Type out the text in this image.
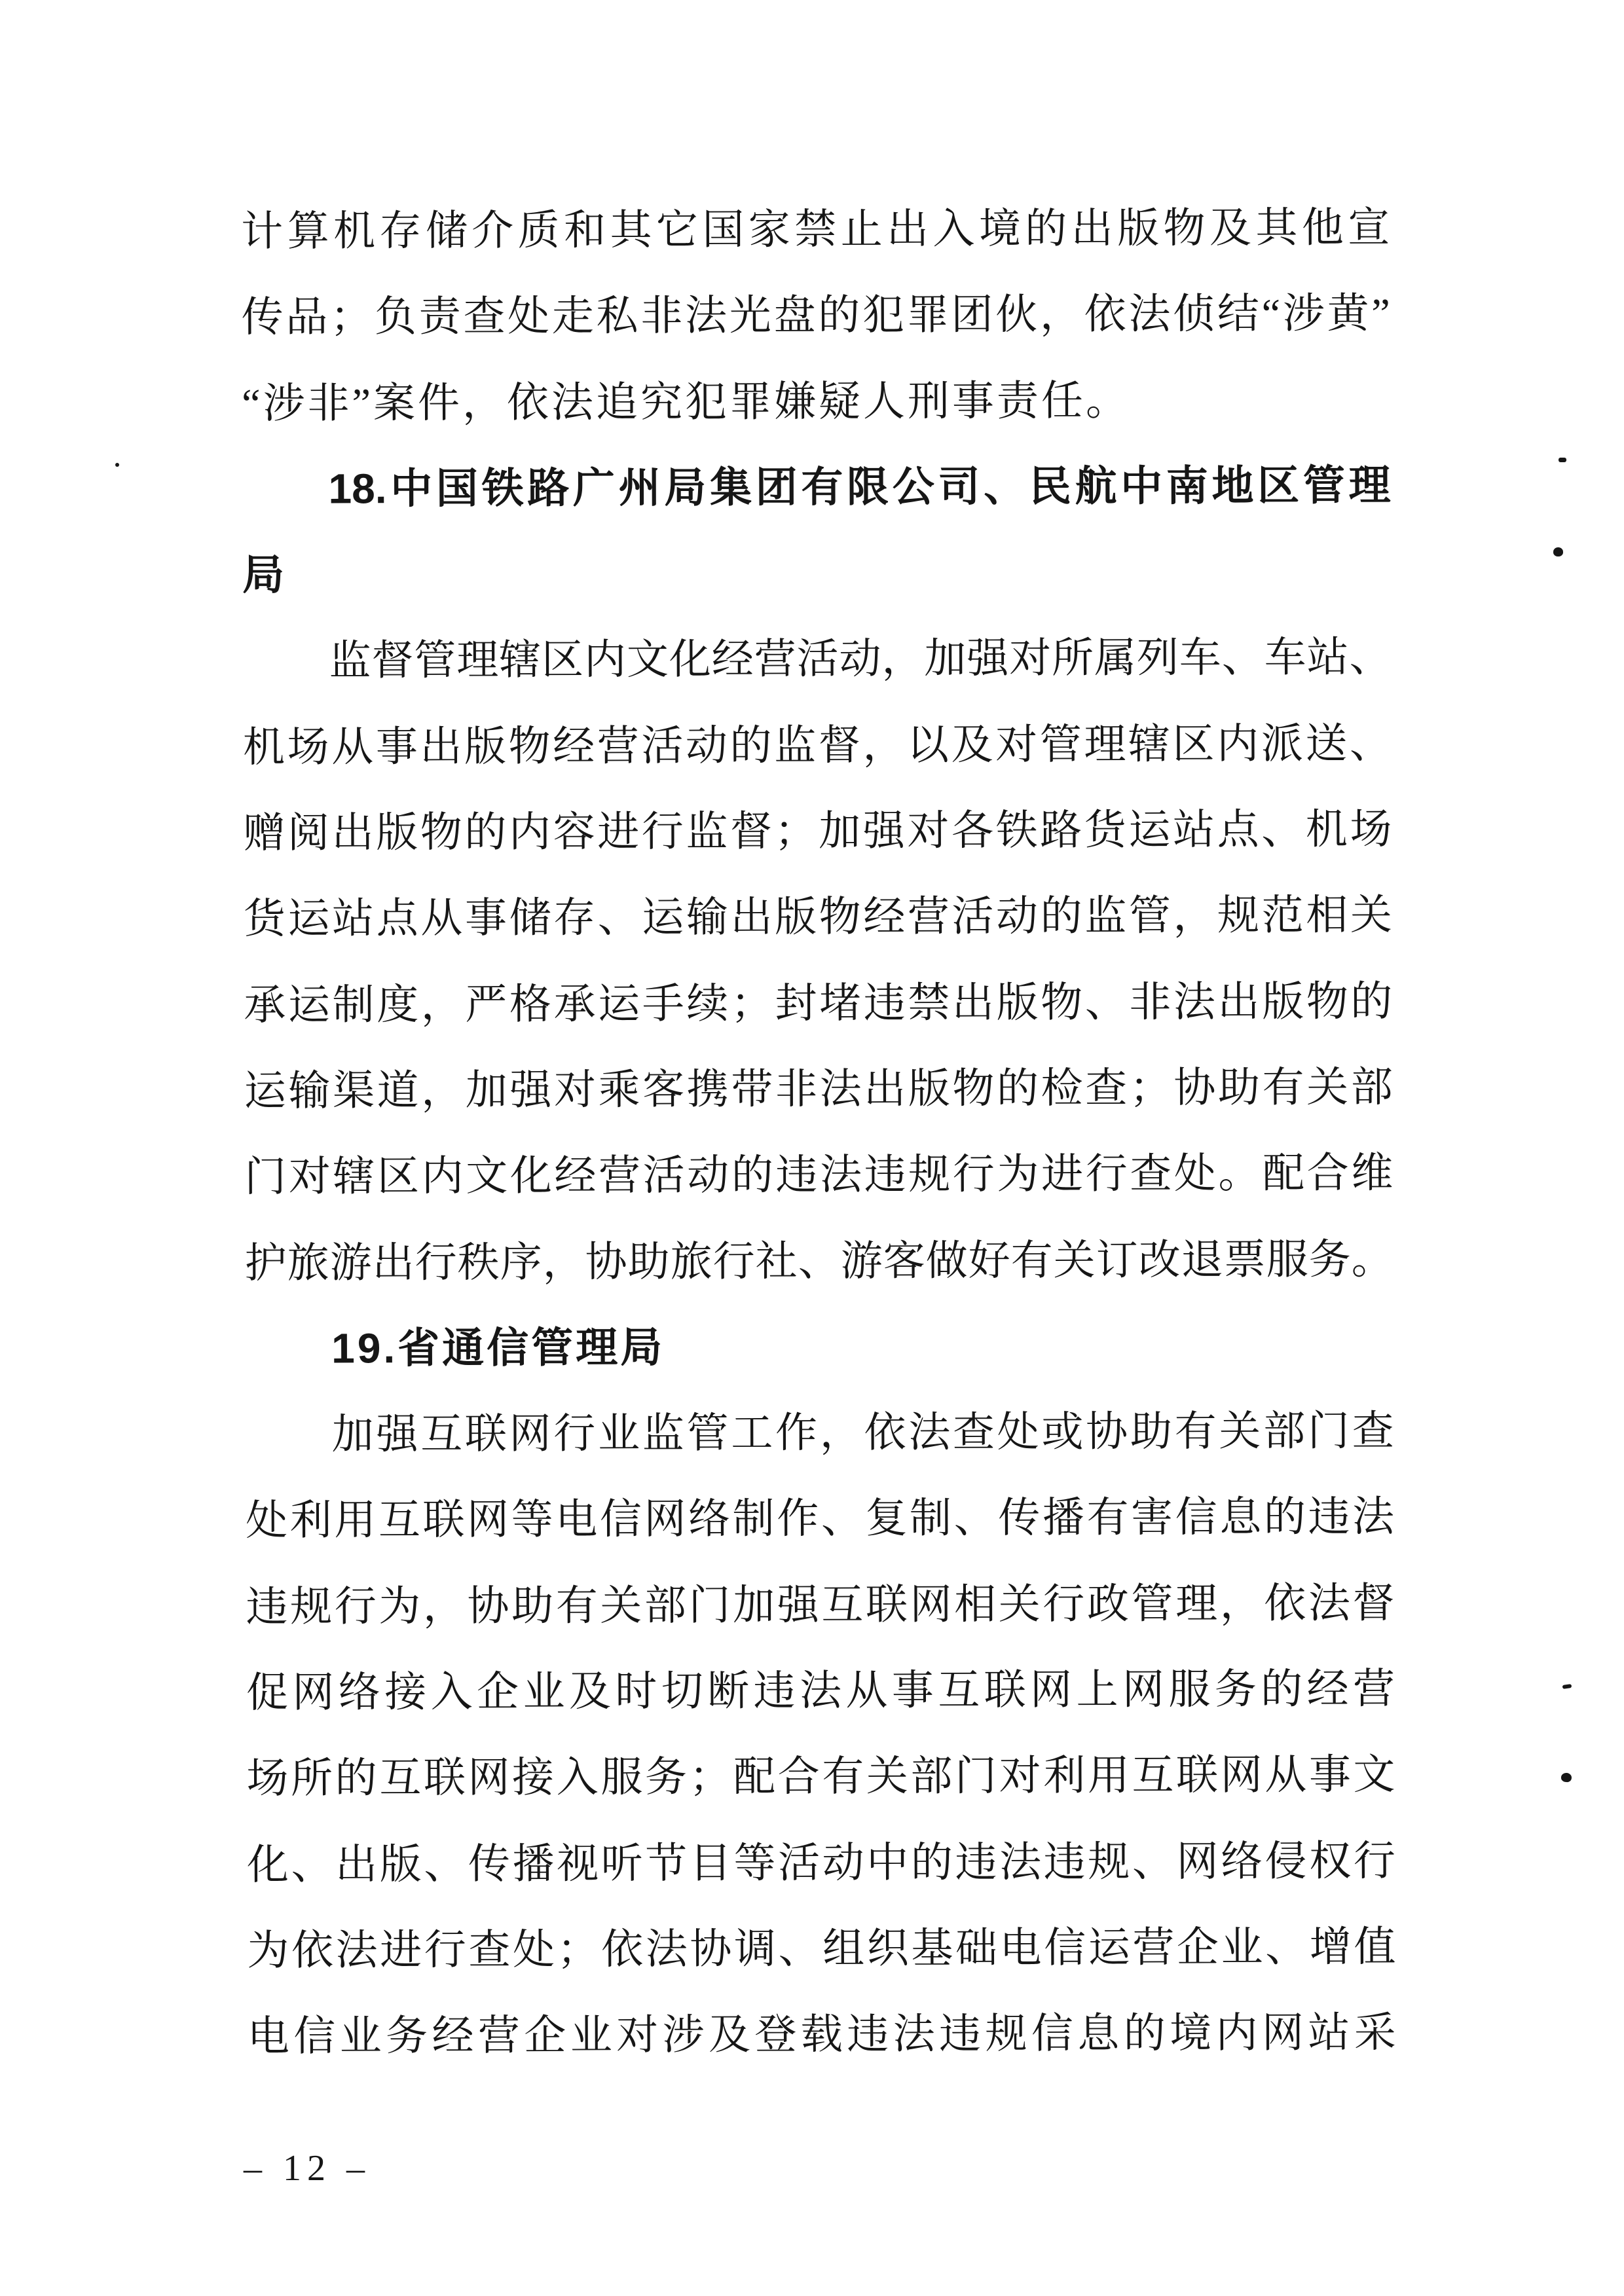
计算机存储介质和其它国家禁止出入境的出版物及其他宣
传品；负责查处走私非法光盘的犯罪团伙，依法侦结“涉黄”
“涉非”案件，依法追究犯罪嫌疑人刑事责任。
18.中国铁路广州局集团有限公司、民航中南地区管理
局
监督管理辖区内文化经营活动，加强对所属列车、车站、
机场从事出版物经营活动的监督，以及对管理辖区内派送、
赠阅出版物的内容进行监督；加强对各铁路货运站点、机场
货运站点从事储存、运输出版物经营活动的监管，规范相关
承运制度，严格承运手续；封堵违禁出版物、非法出版物的
运输渠道，加强对乘客携带非法出版物的检查；协助有关部
门对辖区内文化经营活动的违法违规行为进行查处。配合维
护旅游出行秩序，协助旅行社、游客做好有关订改退票服务。
19.省通信管理局
加强互联网行业监管工作，依法查处或协助有关部门查
处利用互联网等电信网络制作、复制、传播有害信息的违法
违规行为，协助有关部门加强互联网相关行政管理，依法督
促网络接入企业及时切断违法从事互联网上网服务的经营
场所的互联网接入服务；配合有关部门对利用互联网从事文
化、出版、传播视听节目等活动中的违法违规、网络侵权行
为依法进行查处；依法协调、组织基础电信运营企业、增值
电信业务经营企业对涉及登载违法违规信息的境内网站采
– 12 –
